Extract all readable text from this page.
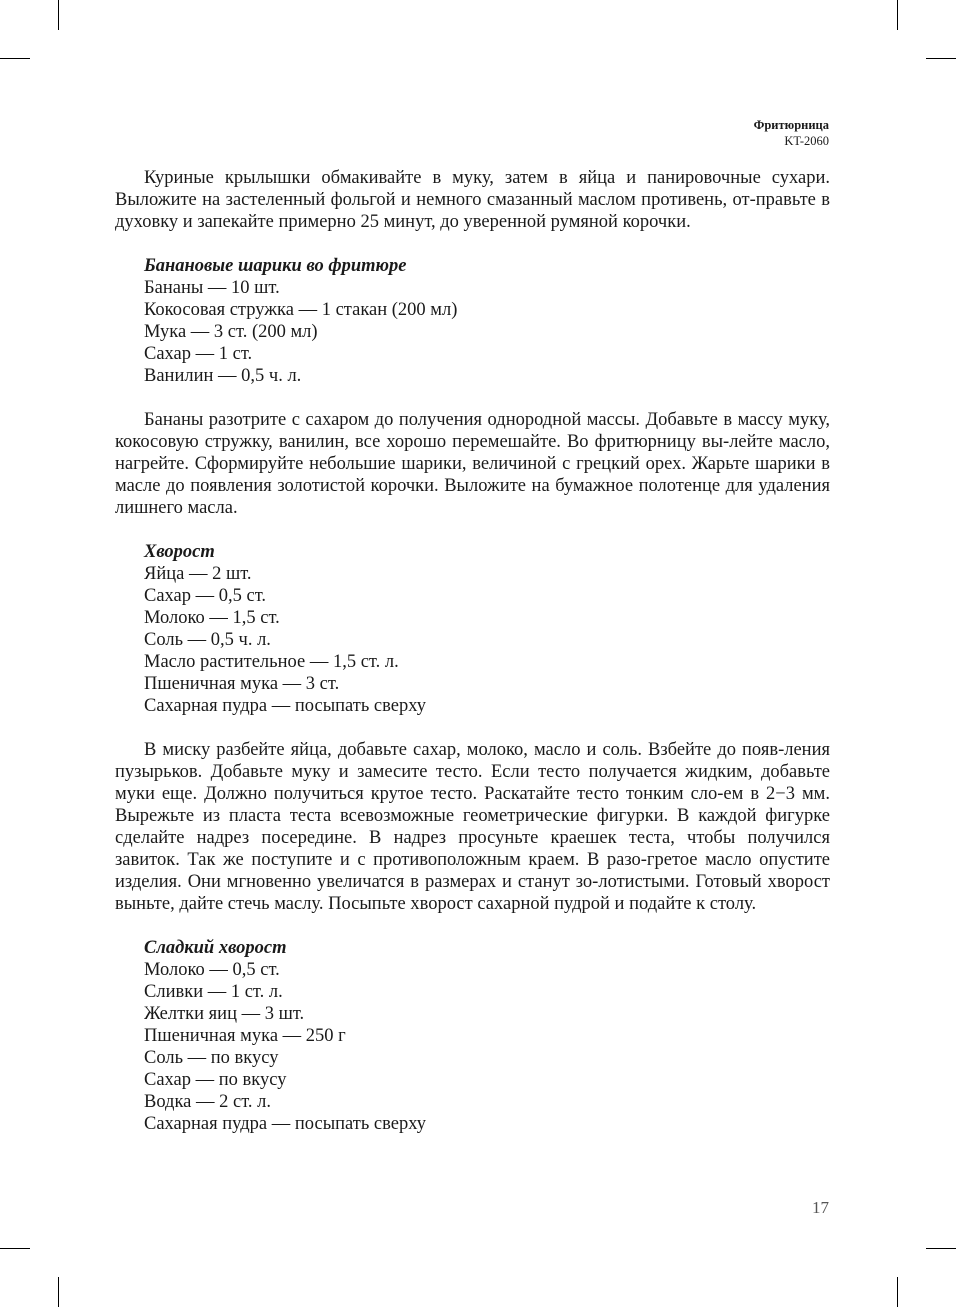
Фритюрница
KT-2060

Куриные крылышки обмакивайте в муку, затем в яйца и панировочные сухари. Выложите на застеленный фольгой и немного смазанный маслом противень, от-правьте в духовку и запекайте примерно 25 минут, до уверенной румяной корочки.

Банановые шарики во фритюре

Бананы — 10 шт.

Кокосовая стружка — 1 стакан (200 мл)

Мука — 3 ст. (200 мл)

Сахар — 1 ст.

Ванилин — 0,5 ч. л.

Бананы разотрите с сахаром до получения однородной массы. Добавьте в массу муку, кокосовую стружку, ванилин, все хорошо перемешайте. Во фритюрницу вы-лейте масло, нагрейте. Сформируйте небольшие шарики, величиной с грецкий орех. Жарьте шарики в масле до появления золотистой корочки. Выложите на бумажное полотенце для удаления лишнего масла.

Хворост

Яйца — 2 шт.

Сахар — 0,5 ст.

Молоко — 1,5 ст.

Соль — 0,5 ч. л.

Масло растительное — 1,5 ст. л.

Пшеничная мука — 3 ст.

Сахарная пудра — посыпать сверху

В миску разбейте яйца, добавьте сахар, молоко, масло и соль. Взбейте до появ-ления пузырьков. Добавьте муку и замесите тесто. Если тесто получается жидким, добавьте муки еще. Должно получиться крутое тесто. Раскатайте тесто тонким сло-ем в 2−3 мм. Вырежьте из пласта теста всевозможные геометрические фигурки. В каждой фигурке сделайте надрез посередине. В надрез просуньте краешек теста, чтобы получился завиток. Так же поступите и с противоположным краем. В разо-гретое масло опустите изделия. Они мгновенно увеличатся в размерах и станут зо-лотистыми. Готовый хворост выньте, дайте стечь маслу. Посыпьте хворост сахарной пудрой и подайте к столу.

Сладкий хворост

Молоко — 0,5 ст.

Сливки — 1 ст. л.

Желтки яиц — 3 шт.

Пшеничная мука — 250 г

Соль — по вкусу

Сахар — по вкусу

Водка — 2 ст. л.

Сахарная пудра — посыпать сверху

17
